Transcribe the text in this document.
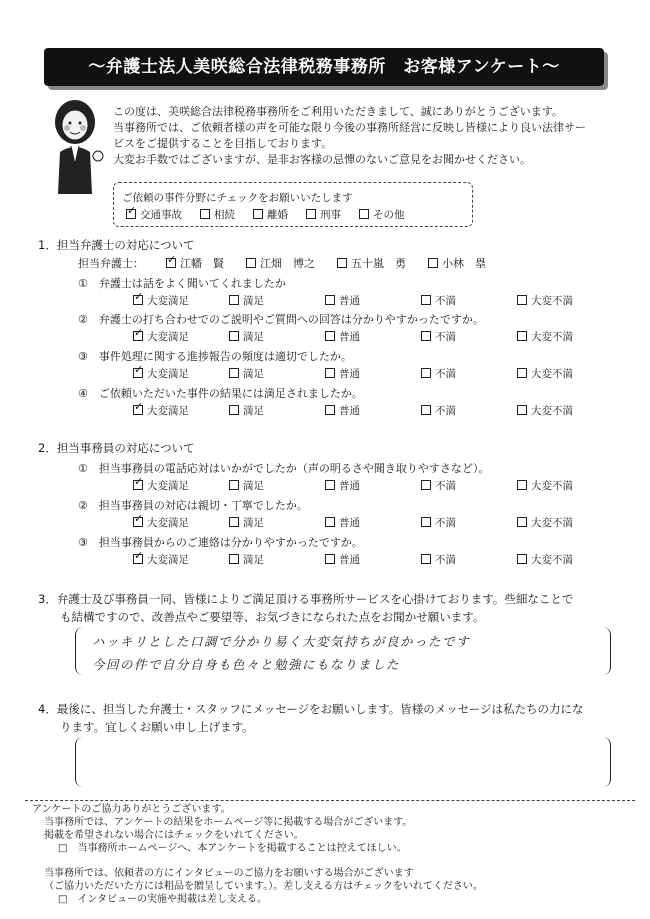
〜弁護士法人美咲総合法律税務事務所　お客様アンケート〜

この度は、美咲総合法律税務事務所をご利用いただきまして、誠にありがとうございます。

当事務所では、ご依頼者様の声を可能な限り今後の事務所経営に反映し皆様により良い法律サー

ビスをご提供することを目指しております。

大変お手数ではございますが、是非お客様の忌憚のないご意見をお聞かせください。

ご依頼の事件分野にチェックをお願いいたします
✓交通事故	相続	離婚	刑事	その他
1．担当弁護士の対応について
担当弁護士：
✓	江幡　賢	江畑　博之	五十嵐　勇	小林　塁
①　 弁護士は話をよく聞いてくれましたか
✓大変満足	満足	普通	不満	大変不満
②　 弁護士の打ち合わせでのご説明やご質問への回答は分かりやすかったですか。
✓大変満足	満足	普通	不満	大変不満
③　 事件処理に関する進捗報告の頻度は適切でしたか。
✓大変満足	満足	普通	不満	大変不満
④　 ご依頼いただいた事件の結果には満足されましたか。
✓大変満足	満足	普通	不満	大変不満
2．担当事務員の対応について
①　 担当事務員の電話応対はいかがでしたか（声の明るさや聞き取りやすさなど）。
✓大変満足	満足	普通	不満	大変不満
②　 担当事務員の対応は親切・丁寧でしたか。
✓大変満足	満足	普通	不満	大変不満
③　 担当事務員からのご連絡は分かりやすかったですか。
✓大変満足	満足	普通	不満	大変不満
3．弁護士及び事務員一同、皆様によりご満足頂ける事務所サービスを心掛けております。些細なことで
も結構ですので、改善点やご要望等、お気づきになられた点をお聞かせ願います。
ハッキリとした口調で分かり易く大変気持ちが良かったです
今回の件で自分自身も色々と勉強にもなりました
4．最後に、担当した弁護士・スタッフにメッセージをお願いします。皆様のメッセージは私たちの力にな
ります。宜しくお願い申し上げます。
アンケートのご協力ありがとうございます。
当事務所では、アンケートの結果をホームページ等に掲載する場合がございます。
掲載を希望されない場合にはチェックをいれてください。
□　当事務所ホームページへ、本アンケートを掲載することは控えてほしい。
当事務所では、依頼者の方にインタビューのご協力をお願いする場合がございます
（ご協力いただいた方には粗品を贈呈しています。）。差し支える方はチェックをいれてください。
□　インタビューの実施や掲載は差し支える。
